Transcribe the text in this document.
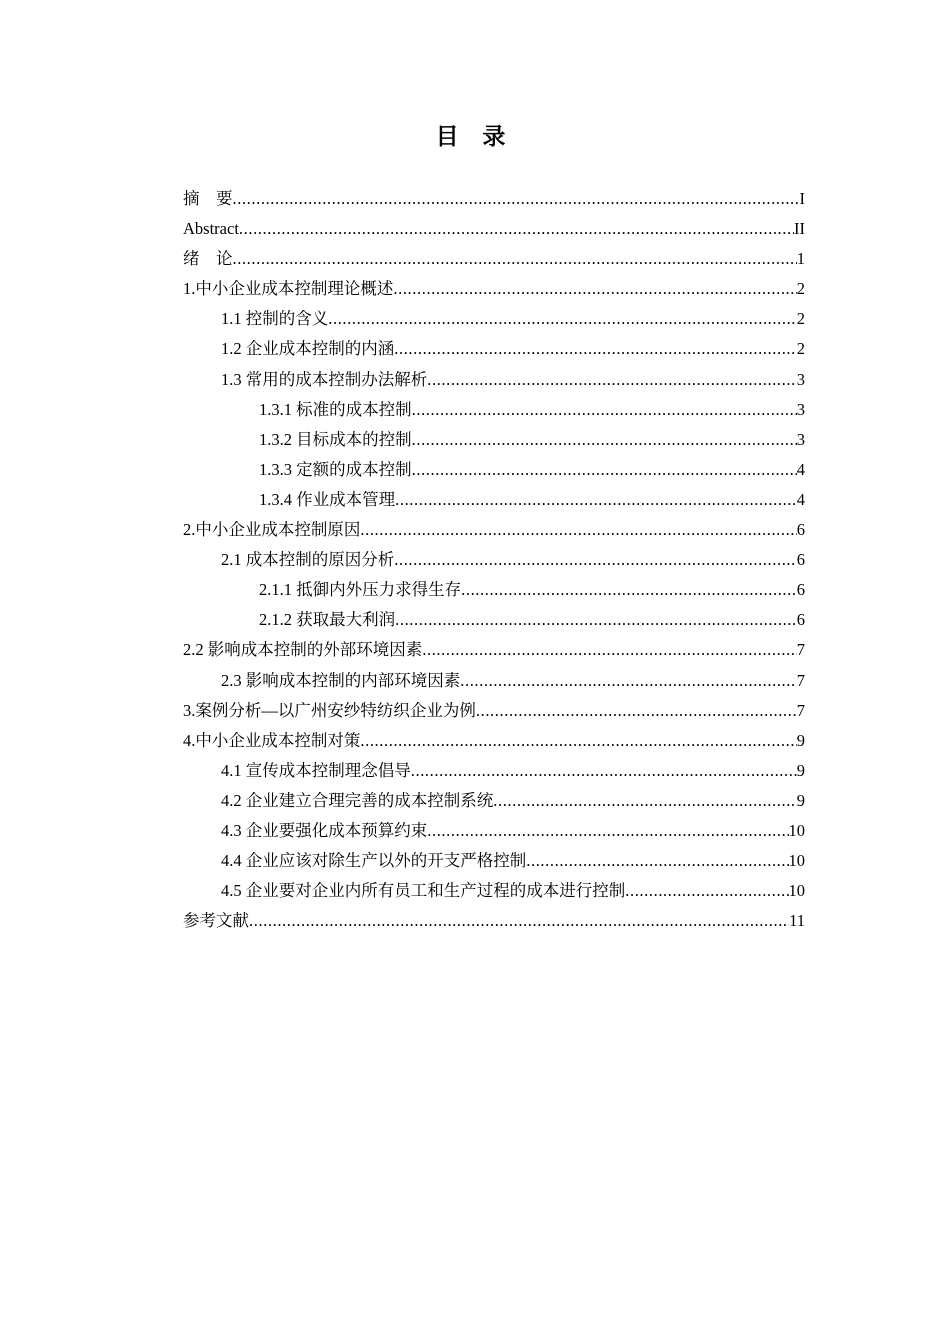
目 录
摘　要 .....	I
Abstract .....	II
绪　论 .....	1
1.中小企业成本控制理论概述 .....	2
1.1 控制的含义 .....	2
1.2 企业成本控制的内涵 .....	2
1.3 常用的成本控制办法解析 .....	3
1.3.1 标准的成本控制 .....	3
1.3.2 目标成本的控制 .....	3
1.3.3 定额的成本控制 .....	4
1.3.4 作业成本管理 .....	4
2.中小企业成本控制原因 .....	6
2.1 成本控制的原因分析 .....	6
2.1.1 抵御内外压力求得生存 .....	6
2.1.2 获取最大利润 .....	6
2.2 影响成本控制的外部环境因素 .....	7
2.3 影响成本控制的内部环境因素 .....	7
3.案例分析—以广州安纱特纺织企业为例 .....	7
4.中小企业成本控制对策 .....	9
4.1 宣传成本控制理念倡导 .....	9
4.2 企业建立合理完善的成本控制系统 .....	9
4.3 企业要强化成本预算约束 .....	10
4.4 企业应该对除生产以外的开支严格控制 .....	10
4.5 企业要对企业内所有员工和生产过程的成本进行控制 .....	10
参考文献 .....	11
